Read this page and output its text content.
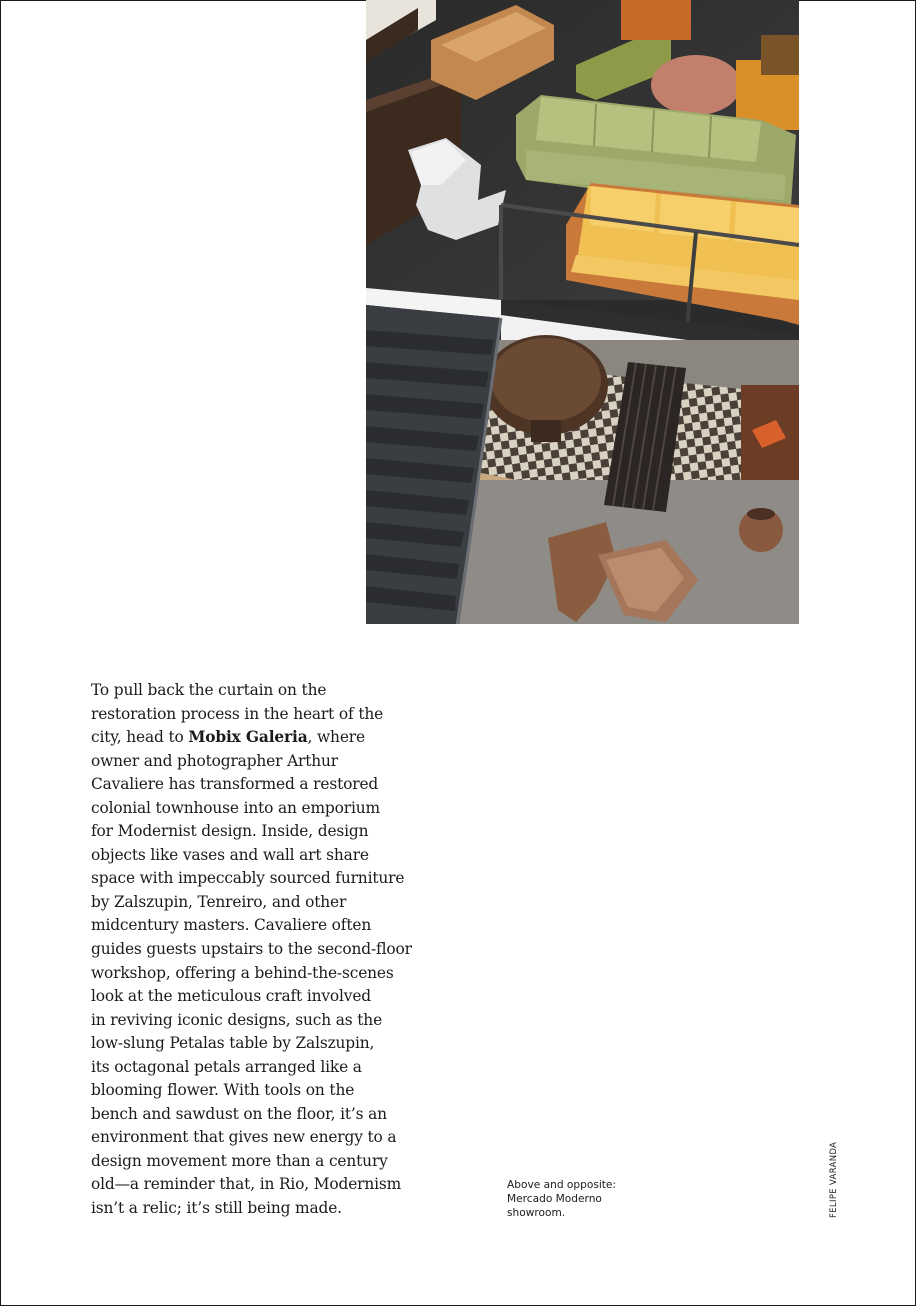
To pull back the curtain on the
restoration process in the heart of the
city, head to Mobix Galeria, where
owner and photographer Arthur
Cavaliere has transformed a restored
colonial townhouse into an emporium
for Modernist design. Inside, design
objects like vases and wall art share
space with impeccably sourced furniture
by Zalszupin, Tenreiro, and other
midcentury masters. Cavaliere often
guides guests upstairs to the second-floor
workshop, offering a behind-the-scenes
look at the meticulous craft involved
in reviving iconic designs, such as the
low-slung Petalas table by Zalszupin,
its octagonal petals arranged like a
blooming flower. With tools on the
bench and sawdust on the floor, it’s an
environment that gives new energy to a
design movement more than a century
old—a reminder that, in Rio, Modernism
isn’t a relic; it’s still being made.
Above and opposite:
Mercado Moderno
showroom.	FELIPE VARANDA
